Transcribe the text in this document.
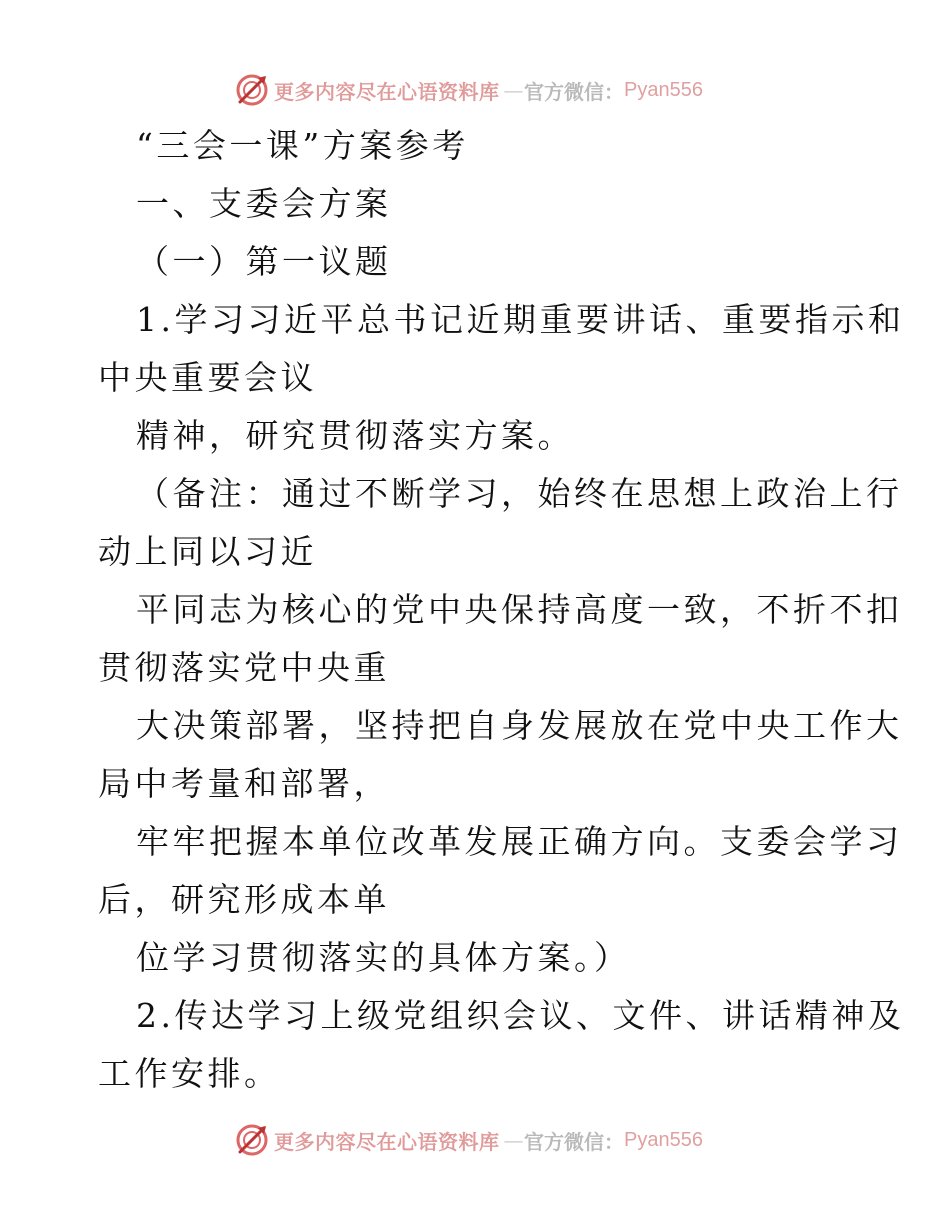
更多内容尽在心语资料库 — 官方微信： Pyan556
“三会一课”方案参考
一、支委会方案
（一）第一议题
1.学习习近平总书记近期重要讲话、重要指示和
中央重要会议
精神，研究贯彻落实方案。
（备注：通过不断学习，始终在思想上政治上行
动上同以习近
平同志为核心的党中央保持高度一致，不折不扣
贯彻落实党中央重
大决策部署，坚持把自身发展放在党中央工作大
局中考量和部署，
牢牢把握本单位改革发展正确方向。支委会学习
后，研究形成本单
位学习贯彻落实的具体方案。）
2.传达学习上级党组织会议、文件、讲话精神及
工作安排。
更多内容尽在心语资料库 — 官方微信： Pyan556
